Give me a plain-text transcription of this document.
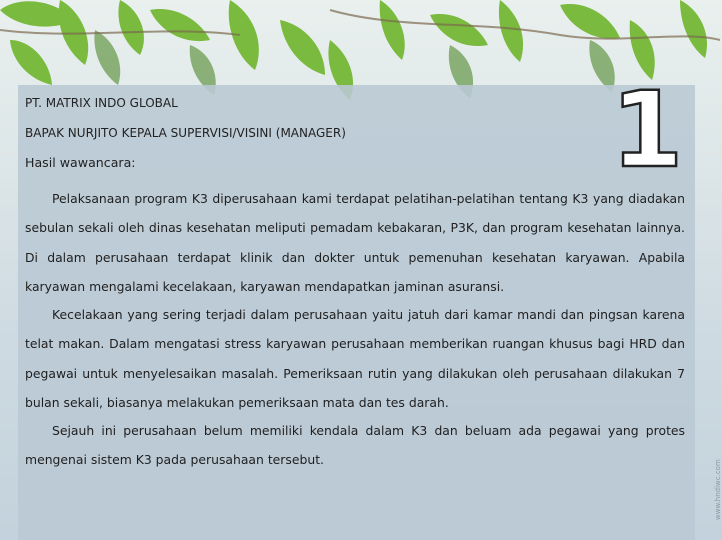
1
PT. MATRIX INDO GLOBAL
BAPAK NURJITO KEPALA SUPERVISI/VISINI (MANAGER)
Hasil wawancara:

Pelaksanaan program K3 diperusahaan kami terdapat pelatihan-pelatihan tentang K3 yang diadakan sebulan sekali oleh dinas kesehatan meliputi pemadam kebakaran, P3K, dan program kesehatan lainnya. Di dalam perusahaan terdapat klinik dan dokter untuk pemenuhan kesehatan karyawan. Apabila karyawan mengalami kecelakaan, karyawan mendapatkan jaminan asuransi.

Kecelakaan yang sering terjadi dalam perusahaan yaitu jatuh dari kamar mandi dan pingsan karena telat makan. Dalam mengatasi stress karyawan perusahaan memberikan ruangan khusus bagi HRD dan pegawai untuk menyelesaikan masalah. Pemeriksaan rutin yang dilakukan oleh perusahaan dilakukan 7 bulan sekali, biasanya melakukan pemeriksaan mata dan tes darah.

Sejauh ini perusahaan belum memiliki kendala dalam K3 dan beluam ada pegawai yang protes mengenai sistem K3 pada perusahaan tersebut.	www.hndiwc.com
